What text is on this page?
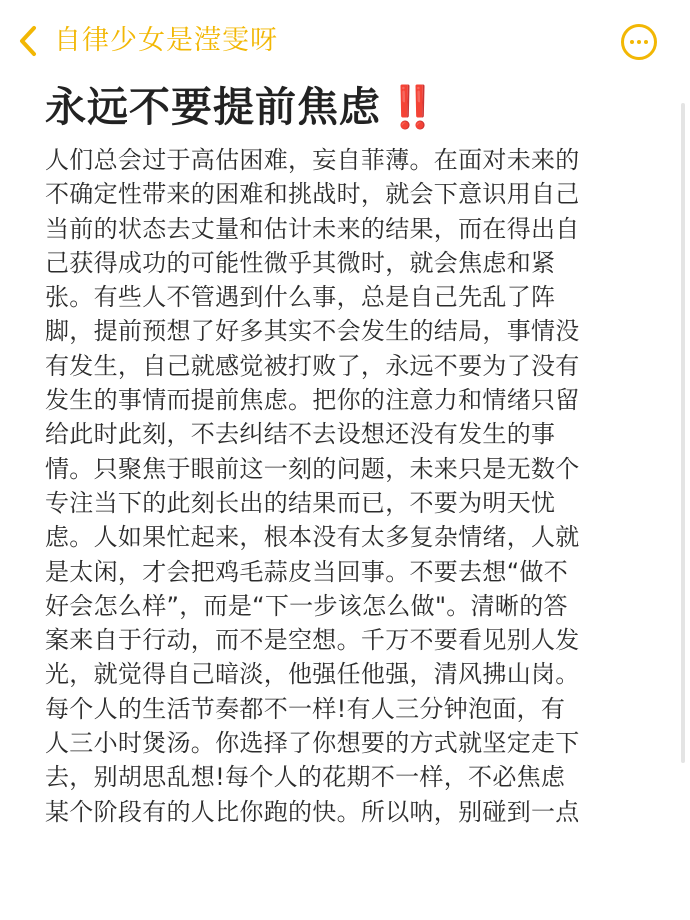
自律少女是滢雯呀
永远不要提前焦虑 ‼️
人们总会过于高估困难，妄自菲薄。在面对未来的
不确定性带来的困难和挑战时，就会下意识用自己
当前的状态去丈量和估计未来的结果，而在得出自
己获得成功的可能性微乎其微时，就会焦虑和紧
张。有些人不管遇到什么事，总是自己先乱了阵
脚，提前预想了好多其实不会发生的结局，事情没
有发生，自己就感觉被打败了，永远不要为了没有
发生的事情而提前焦虑。把你的注意力和情绪只留
给此时此刻，不去纠结不去设想还没有发生的事
情。只聚焦于眼前这一刻的问题，未来只是无数个
专注当下的此刻长出的结果而已，不要为明天忧
虑。人如果忙起来，根本没有太多复杂情绪，人就
是太闲，才会把鸡毛蒜皮当回事。不要去想“做不
好会怎么样”，而是“下一步该怎么做"。清晰的答
案来自于行动，而不是空想。千万不要看见别人发
光，就觉得自己暗淡，他强任他强，清风拂山岗。
每个人的生活节奏都不一样!有人三分钟泡面，有
人三小时煲汤。你选择了你想要的方式就坚定走下
去，别胡思乱想!每个人的花期不一样，不必焦虑
某个阶段有的人比你跑的快。所以呐，别碰到一点
